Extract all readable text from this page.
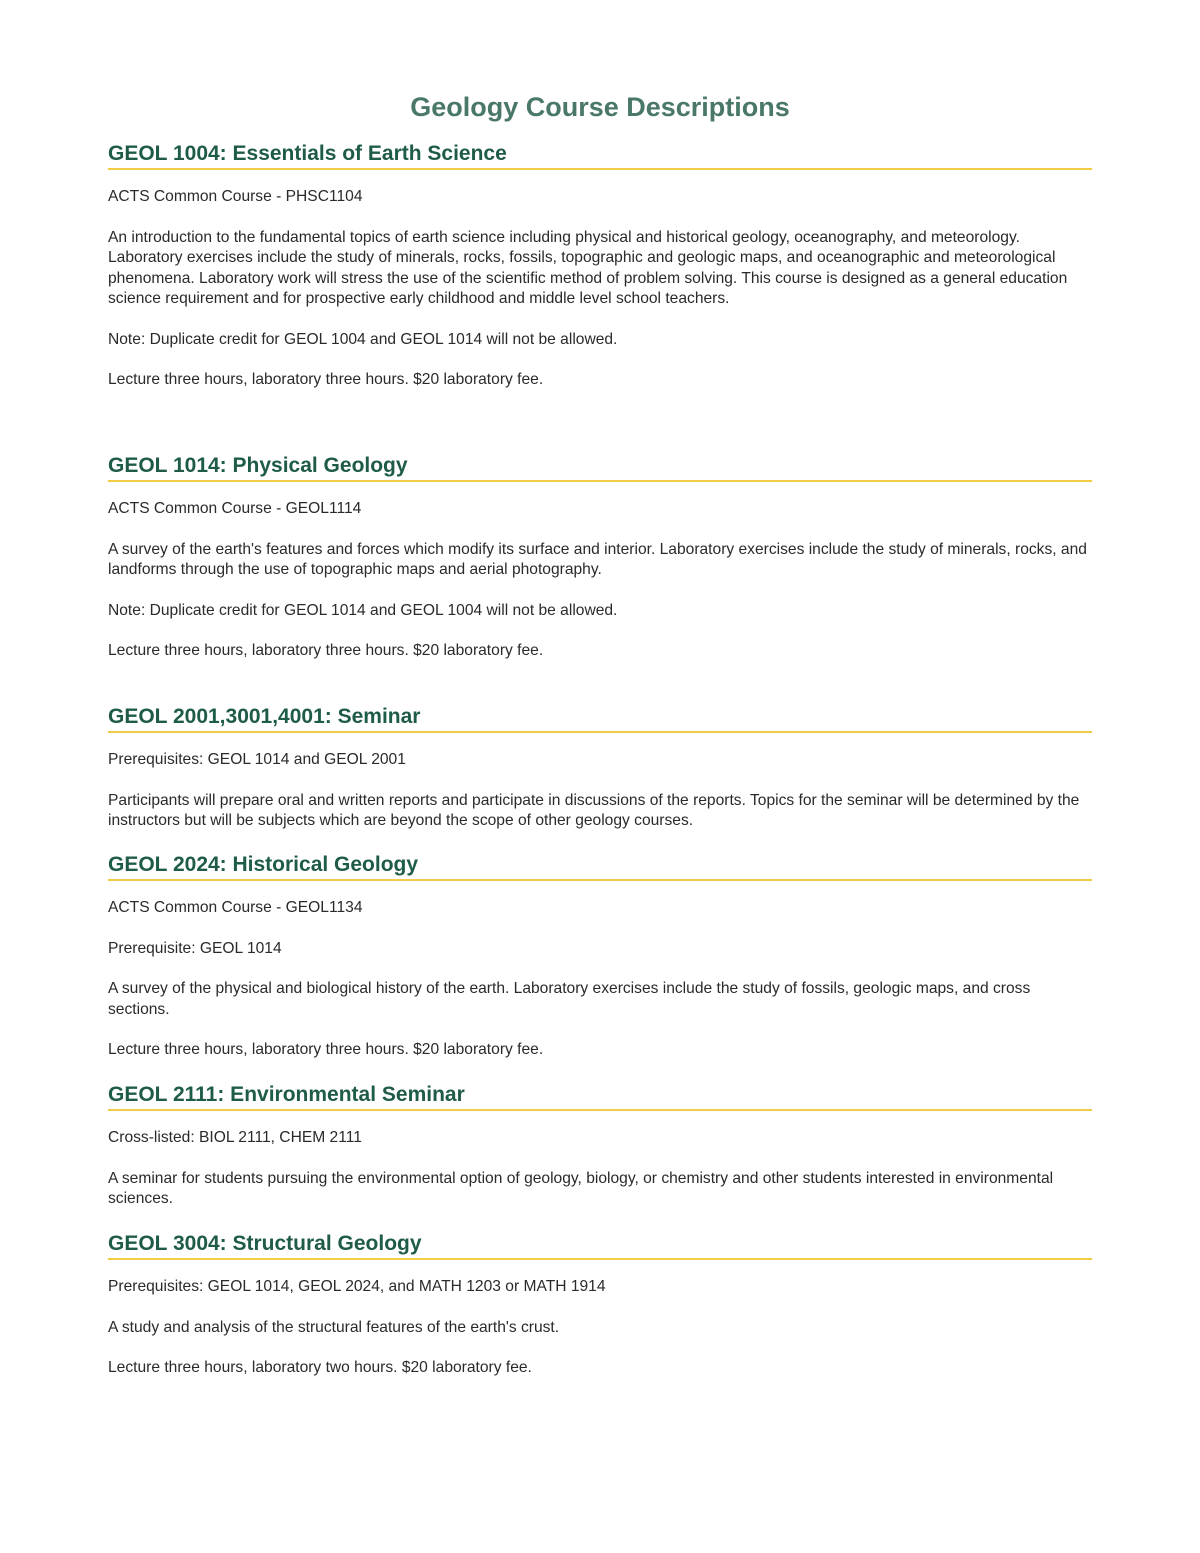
Geology Course Descriptions
GEOL 1004: Essentials of Earth Science

ACTS Common Course - PHSC1104

An introduction to the fundamental topics of earth science including physical and historical geology, oceanography, and meteorology. Laboratory exercises include the study of minerals, rocks, fossils, topographic and geologic maps, and oceanographic and meteorological phenomena. Laboratory work will stress the use of the scientific method of problem solving. This course is designed as a general education science requirement and for prospective early childhood and middle level school teachers.

Note: Duplicate credit for GEOL 1004 and GEOL 1014 will not be allowed.

Lecture three hours, laboratory three hours. $20 laboratory fee.

GEOL 1014: Physical Geology

ACTS Common Course - GEOL1114

A survey of the earth's features and forces which modify its surface and interior. Laboratory exercises include the study of minerals, rocks, and landforms through the use of topographic maps and aerial photography.

Note: Duplicate credit for GEOL 1014 and GEOL 1004 will not be allowed.

Lecture three hours, laboratory three hours. $20 laboratory fee.

GEOL 2001,3001,4001: Seminar

Prerequisites: GEOL 1014 and GEOL 2001

Participants will prepare oral and written reports and participate in discussions of the reports. Topics for the seminar will be determined by the instructors but will be subjects which are beyond the scope of other geology courses.

GEOL 2024: Historical Geology

ACTS Common Course - GEOL1134

Prerequisite: GEOL 1014

A survey of the physical and biological history of the earth. Laboratory exercises include the study of fossils, geologic maps, and cross sections.

Lecture three hours, laboratory three hours. $20 laboratory fee.

GEOL 2111: Environmental Seminar

Cross-listed: BIOL 2111, CHEM 2111

A seminar for students pursuing the environmental option of geology, biology, or chemistry and other students interested in environmental sciences.

GEOL 3004: Structural Geology

Prerequisites: GEOL 1014, GEOL 2024, and MATH 1203 or MATH 1914

A study and analysis of the structural features of the earth's crust.

Lecture three hours, laboratory two hours. $20 laboratory fee.
